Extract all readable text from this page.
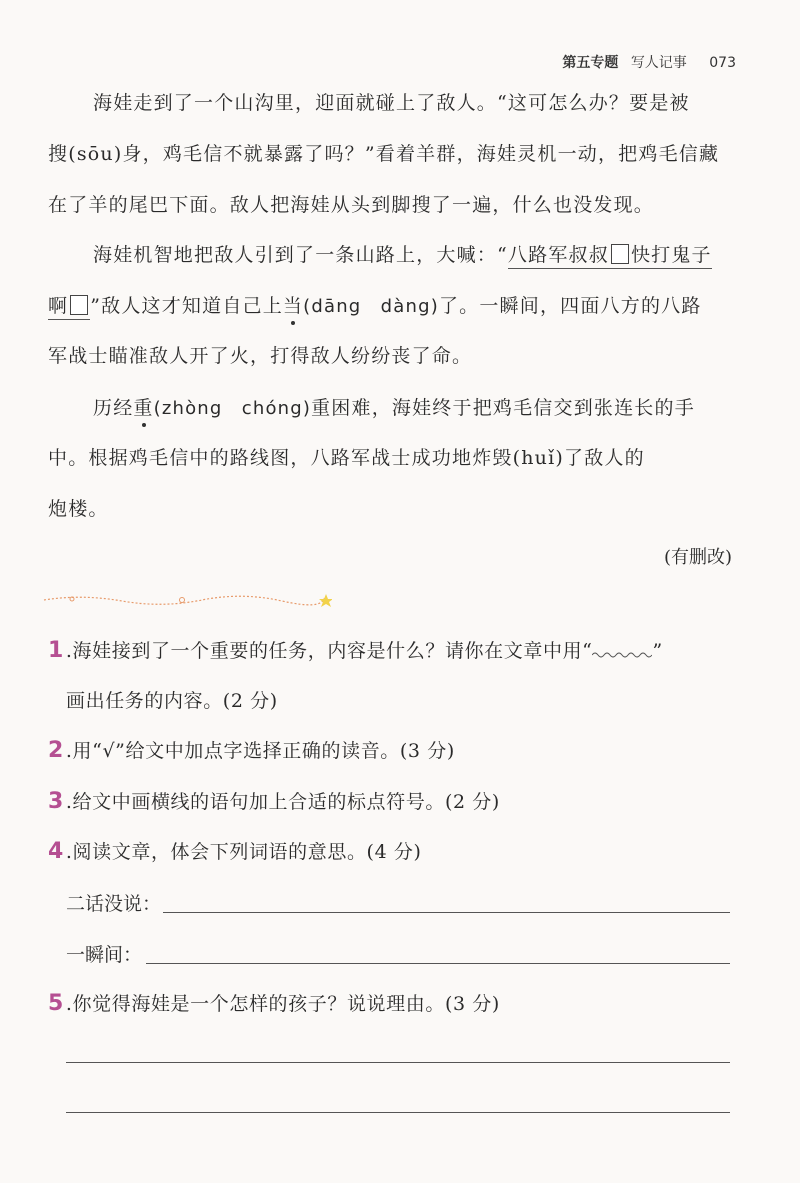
第五专题 写人记事 073
海娃走到了一个山沟里，迎面就碰上了敌人。“这可怎么办？要是被
搜(sōu)身，鸡毛信不就暴露了吗？”看着羊群，海娃灵机一动，把鸡毛信藏
在了羊的尾巴下面。敌人把海娃从头到脚搜了一遍，什么也没发现。
海娃机智地把敌人引到了一条山路上，大喊：“八路军叔叔 快打鬼子
啊 ”敌人这才知道自己上当(dāng　dàng)了。一瞬间，四面八方的八路
军战士瞄准敌人开了火，打得敌人纷纷丧了命。
历经重(zhòng　chóng)重困难，海娃终于把鸡毛信交到张连长的手
中。根据鸡毛信中的路线图，八路军战士成功地炸毁(huǐ)了敌人的
炮楼。
(有删改)
1 .海娃接到了一个重要的任务，内容是什么？请你在文章中用“	”
画出任务的内容。(2 分)
2 .用“√”给文中加点字选择正确的读音。(3 分)
3 .给文中画横线的语句加上合适的标点符号。(2 分)
4 .阅读文章，体会下列词语的意思。(4 分)
二话没说：
一瞬间：
5 .你觉得海娃是一个怎样的孩子？说说理由。(3 分)
